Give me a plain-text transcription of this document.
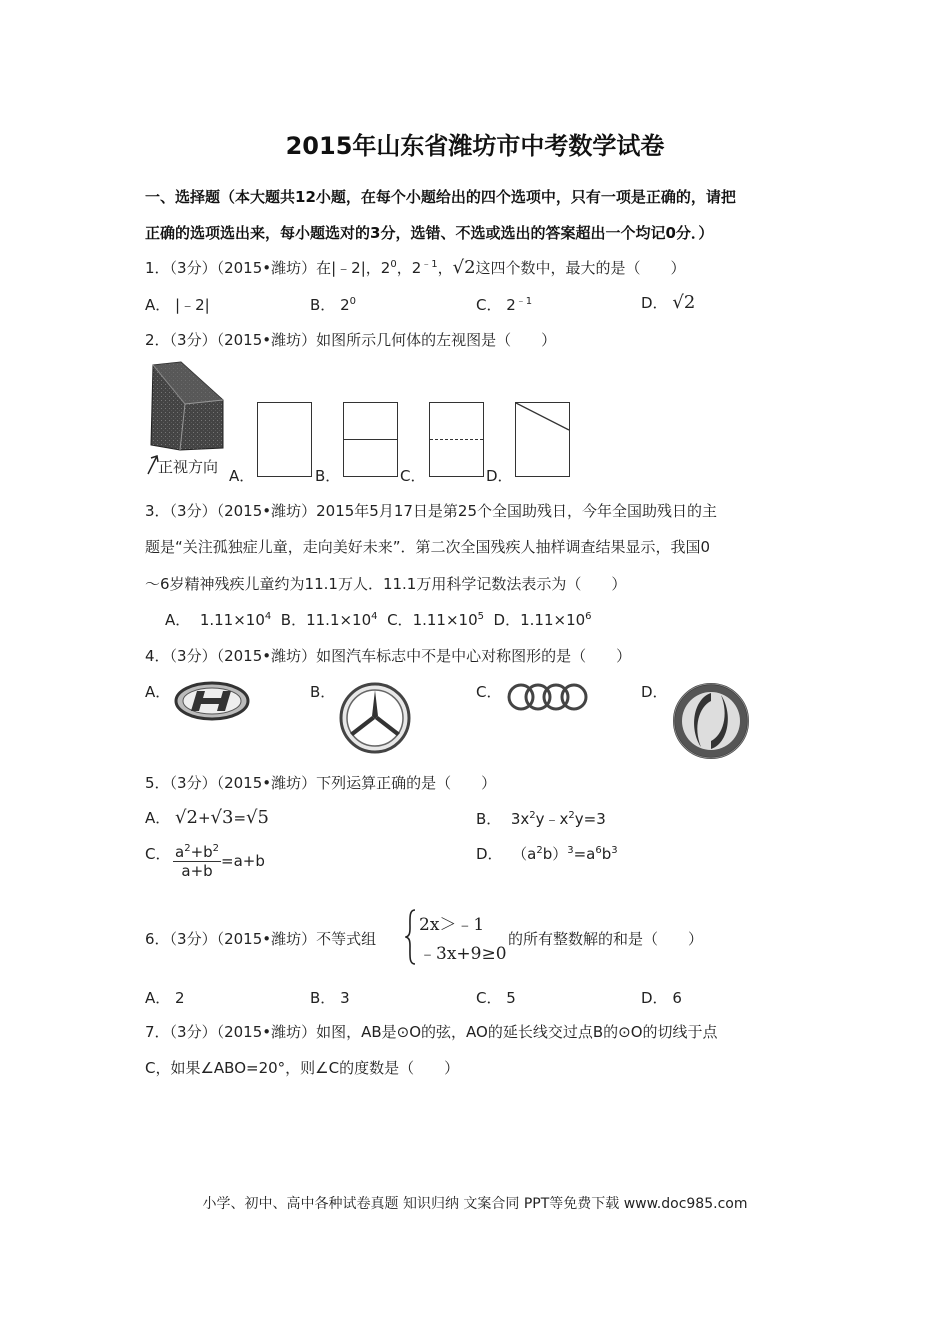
2015年山东省潍坊市中考数学试卷
一、选择题（本大题共12小题，在每个小题给出的四个选项中，只有一项是正确的，请把
正确的选项选出来，每小题选对的3分，选错、不选或选出的答案超出一个均记0分．）
1．（3分）（2015•潍坊）在|﹣2|，$2^0$，$2^{﹣1}$，√2这四个数中，最大的是（　　）
A． |﹣2|	B． $2^0$	C． $2^{﹣1}$	D． √2
2．（3分）（2015•潍坊）如图所示几何体的左视图是（　　）
正视方向 A．	B．	C．	D．
3．（3分）（2015•潍坊）2015年5月17日是第25个全国助残日，今年全国助残日的主
题是“关注孤独症儿童，走向美好未来”．第二次全国残疾人抽样调查结果显示，我国0
～6岁精神残疾儿童约为11.1万人．11.1万用科学记数法表示为（　　）
A． $1.11\times 10^4$ B．$11.1\times 10^4$ C．$1.11\times 10^5$ D．$1.11\times 10^6$
4．（3分）（2015•潍坊）如图汽车标志中不是中心对称图形的是（　　）
A．	B．	C．	D．
5．（3分）（2015•潍坊）下列运算正确的是（　　）
A． √2+√3=√5	B． $3x^2y﹣x^2y=3$
C． $\frac{a^2+b^2}{a+b} =a+b$	D． $(a^2b)^3=a^6b^3$
6．（3分）（2015•潍坊）不等式组
2x＞﹣1
﹣3x+9≥0
的所有整数解的和是（　　）
A． 2	B． 3	C． 5	D． 6
7．（3分）（2015•潍坊）如图，AB是⊙O的弦，AO的延长线交过点B的⊙O的切线于点
C，如果∠ABO=20°，则∠C的度数是（　　）
小学、初中、高中各种试卷真题 知识归纳 文案合同 PPT等免费下载 www.doc985.com
